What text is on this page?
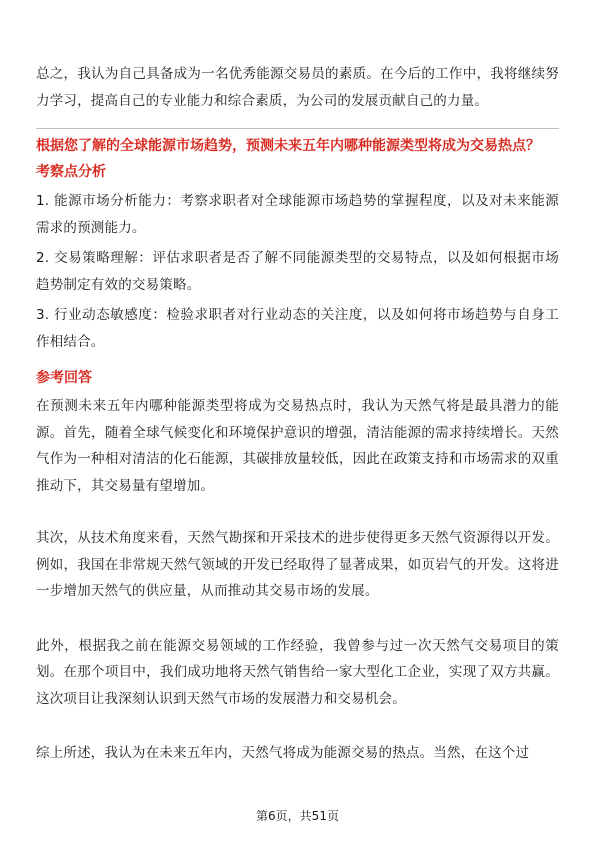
总之，我认为自己具备成为一名优秀能源交易员的素质。在今后的工作中，我将继续努力学习，提高自己的专业能力和综合素质，为公司的发展贡献自己的力量。

根据您了解的全球能源市场趋势，预测未来五年内哪种能源类型将成为交易热点？

考察点分析

1. 能源市场分析能力：考察求职者对全球能源市场趋势的掌握程度，以及对未来能源需求的预测能力。

2. 交易策略理解：评估求职者是否了解不同能源类型的交易特点，以及如何根据市场趋势制定有效的交易策略。

3. 行业动态敏感度：检验求职者对行业动态的关注度，以及如何将市场趋势与自身工作相结合。

参考回答

在预测未来五年内哪种能源类型将成为交易热点时，我认为天然气将是最具潜力的能源。首先，随着全球气候变化和环境保护意识的增强，清洁能源的需求持续增长。天然气作为一种相对清洁的化石能源，其碳排放量较低，因此在政策支持和市场需求的双重推动下，其交易量有望增加。

其次，从技术角度来看，天然气勘探和开采技术的进步使得更多天然气资源得以开发。例如，我国在非常规天然气领域的开发已经取得了显著成果，如页岩气的开发。这将进一步增加天然气的供应量，从而推动其交易市场的发展。

此外，根据我之前在能源交易领域的工作经验，我曾参与过一次天然气交易项目的策划。在那个项目中，我们成功地将天然气销售给一家大型化工企业，实现了双方共赢。这次项目让我深刻认识到天然气市场的发展潜力和交易机会。

综上所述，我认为在未来五年内，天然气将成为能源交易的热点。当然，在这个过

第6页，共51页
